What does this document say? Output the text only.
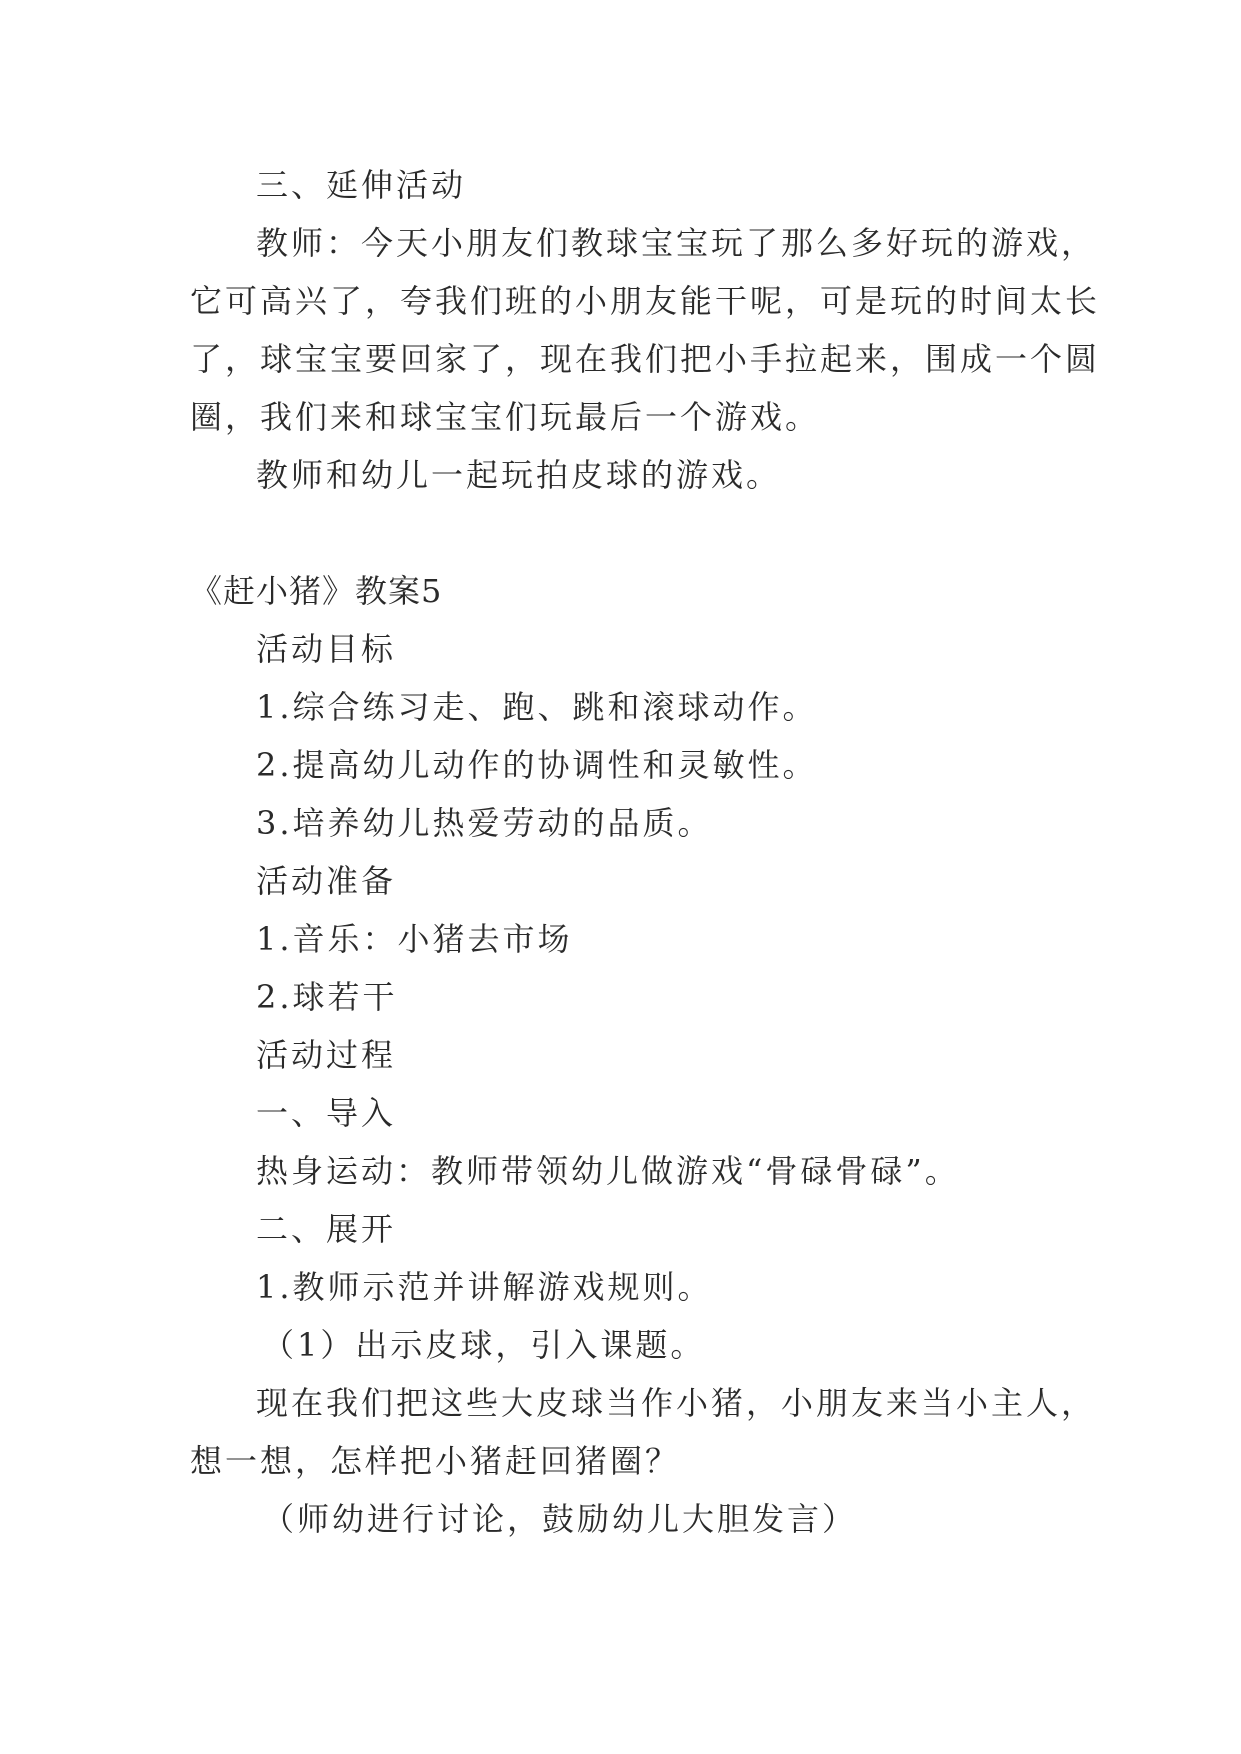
三、延伸活动
教师：今天小朋友们教球宝宝玩了那么多好玩的游戏，
它可高兴了，夸我们班的小朋友能干呢，可是玩的时间太长
了，球宝宝要回家了，现在我们把小手拉起来，围成一个圆
圈，我们来和球宝宝们玩最后一个游戏。
教师和幼儿一起玩拍皮球的游戏。
《赶小猪》教案5
活动目标
1.综合练习走、跑、跳和滚球动作。
2.提高幼儿动作的协调性和灵敏性。
3.培养幼儿热爱劳动的品质。
活动准备
1.音乐：小猪去市场
2.球若干
活动过程
一、导入
热身运动：教师带领幼儿做游戏“骨碌骨碌”。
二、展开
1.教师示范并讲解游戏规则。
（1）出示皮球，引入课题。
现在我们把这些大皮球当作小猪，小朋友来当小主人，
想一想，怎样把小猪赶回猪圈？
（师幼进行讨论，鼓励幼儿大胆发言）
